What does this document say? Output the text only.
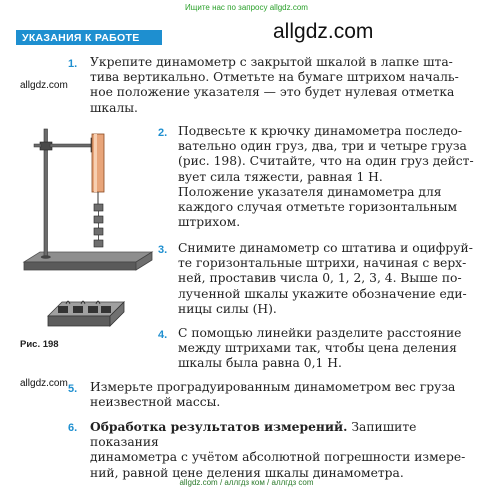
Ищите нас по запросу allgdz.com
УКАЗАНИЯ К РАБОТЕ	allgdz.com
allgdz.com
allgdz.com
1. Укрепите динамометр с закрытой шкалой в лапке шта-
тива вертикально. Отметьте на бумаге штрихом началь-
ное положение указателя — это будет нулевая отметка
шкалы.
2. Подвесьте к крючку динамометра последо-
вательно один груз, два, три и четыре груза
(рис. 198). Считайте, что на один груз дейст-
вует сила тяжести, равная 1 Н.
Положение указателя динамометра для
каждого случая отметьте горизонтальным
штрихом.
3. Снимите динамометр со штатива и оцифруй-
те горизонтальные штрихи, начиная с верх-
ней, проставив числа 0, 1, 2, 3, 4. Выше по-
лученной шкалы укажите обозначение еди-
ницы силы (Н).
4. С помощью линейки разделите расстояние
между штрихами так, чтобы цена деления
шкалы была равна 0,1 Н.
5. Измерьте проградуированным динамометром вес груза
неизвестной массы.
6. Обработка результатов измерений. Запишите показания
динамометра с учётом абсолютной погрешности измере-
ний, равной цене деления шкалы динамометра.
Рис. 198
allgdz.com / аллгдз ком / аллгдз com
